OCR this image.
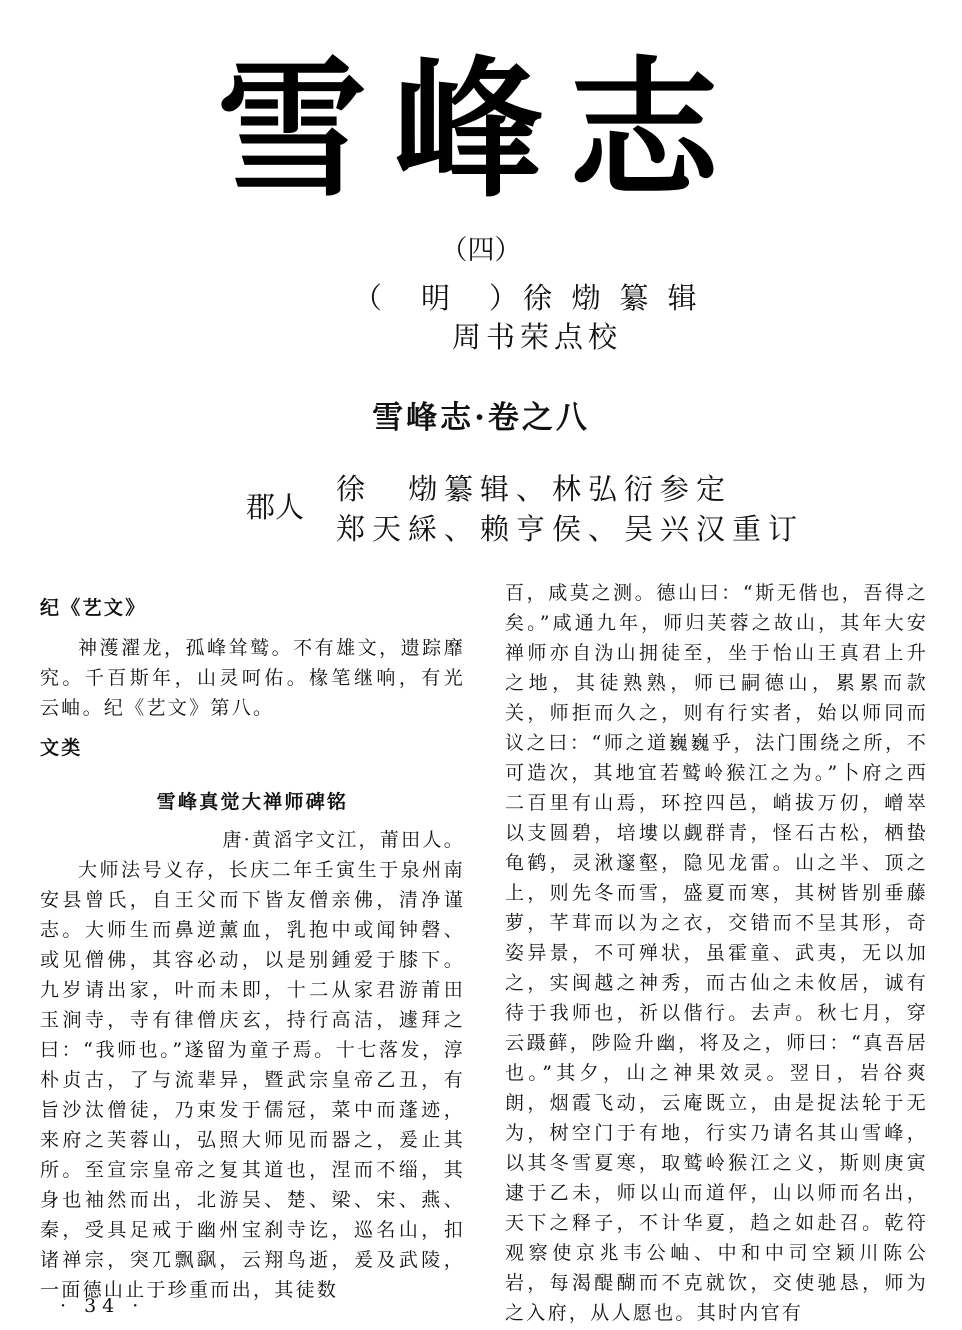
雪峰志
（四）
（　明　）徐 𤊹 纂 辑
周书荣点校
雪峰志·卷之八
郡人
徐　𤊹纂辑、林弘衍参定
郑天綵、赖亨侯、吴兴汉重订

纪《艺文》

神濩濯龙，孤峰耸鹫。不有雄文，遗踪靡究。千百斯年，山灵呵佑。椽笔继响，有光云岫。纪《艺文》第八。

文类

雪峰真觉大禅师碑铭

唐·黄滔字文江，莆田人。

大师法号义存，长庆二年壬寅生于泉州南安县曾氏，自王父而下皆友僧亲佛，清净谨志。大师生而鼻逆薰血，乳抱中或闻钟磬、或见僧佛，其容必动，以是别鍾爱于膝下。九岁请出家，叶而未即，十二从家君游莆田玉涧寺，寺有律僧庆玄，持行高洁，遽拜之曰：“我师也。”遂留为童子焉。十七落发，淳朴贞古，了与流辈异，暨武宗皇帝乙丑，有旨沙汰僧徒，乃束发于儒冠，菜中而蓬迹，来府之芙蓉山，弘照大师见而器之，爰止其所。至宣宗皇帝之复其道也，涅而不缁，其身也袖然而出，北游吴、楚、梁、宋、燕、秦，受具足戒于幽州宝刹寺讫，巡名山，扣诸禅宗，突兀飘飖，云翔鸟逝，爰及武陵，一面德山止于珍重而出，其徒数

百，咸莫之测。德山曰：“斯无偕也，吾得之矣。”咸通九年，师归芙蓉之故山，其年大安禅师亦自沩山拥徒至，坐于怡山王真君上升之地，其徒熟熟，师已嗣德山，累累而款关，师拒而久之，则有行实者，始以师同而议之曰：“师之道巍巍乎，法门围绕之所，不可造次，其地宜若鹫岭猴江之为。”卜府之西二百里有山焉，环控四邑，峭拔万仞，嶒崒以支圆碧，培塿以觑群青，怪石古松，栖蛰龟鹤，灵湫邃壑，隐见龙雷。山之半、顶之上，则先冬而雪，盛夏而寒，其树皆别垂藤萝，芊茸而以为之衣，交错而不呈其形，奇姿异景，不可殚状，虽霍童、武夷，无以加之，实闽越之神秀，而古仙之未攸居，诚有待于我师也，祈以偕行。去声。秋七月，穿云蹑藓，陟险升幽，将及之，师曰：“真吾居也。”其夕，山之神果效灵。翌日，岩谷爽朗，烟霞飞动，云庵既立，由是捉法轮于无为，树空门于有地，行实乃请名其山雪峰，以其冬雪夏寒，取鹫岭猴江之义，斯则庚寅逮于乙未，师以山而道伻，山以师而名出，天下之释子，不计华夏，趋之如赴召。乾符观察使京兆韦公岫、中和中司空颖川陈公岩，每渴醍醐而不克就饮，交使驰恳，师为之入府，从人愿也。其时内官有

· 34 ·
